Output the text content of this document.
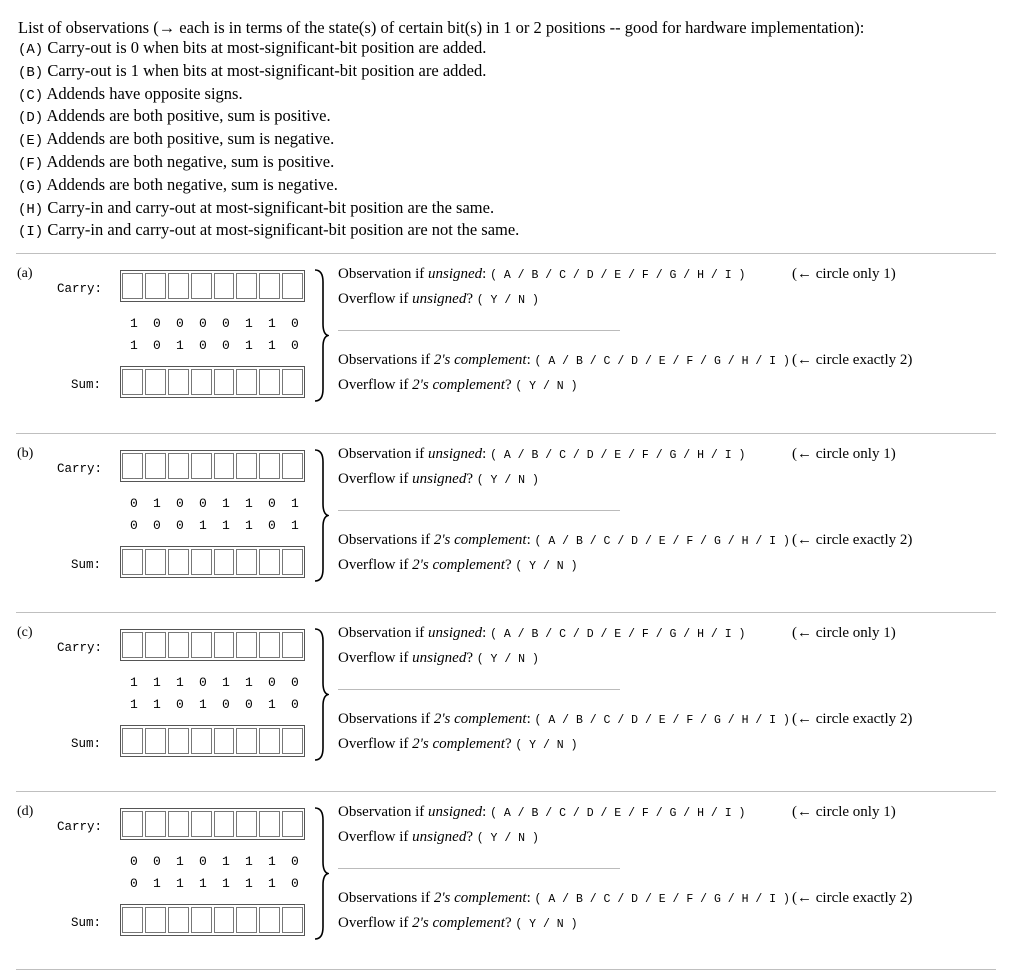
List of observations (→ each is in terms of the state(s) of certain bit(s) in 1 or 2 positions -- good for hardware implementation):
(A) Carry-out is 0 when bits at most-significant-bit position are added.
(B) Carry-out is 1 when bits at most-significant-bit position are added.
(C) Addends have opposite signs.
(D) Addends are both positive, sum is positive.
(E) Addends are both positive, sum is negative.
(F) Addends are both negative, sum is positive.
(G) Addends are both negative, sum is negative.
(H) Carry-in and carry-out at most-significant-bit position are the same.
(I) Carry-in and carry-out at most-significant-bit position are not the same.
(a)
Carry:
Sum:
1	0	0	0	0	1	1	0
1	0	1	0	0	1	1	0
Observation if unsigned: ( A / B / C / D / E / F / G / H / I )
Overflow if unsigned? ( Y / N )
Observations if 2's complement: ( A / B / C / D / E / F / G / H / I )
Overflow if 2's complement? ( Y / N )
(← circle only 1)
(← circle exactly 2)
(b)
Carry:
Sum:
0	1	0	0	1	1	0	1
0	0	0	1	1	1	0	1
Observation if unsigned: ( A / B / C / D / E / F / G / H / I )
Overflow if unsigned? ( Y / N )
Observations if 2's complement: ( A / B / C / D / E / F / G / H / I )
Overflow if 2's complement? ( Y / N )
(← circle only 1)
(← circle exactly 2)
(c)
Carry:
Sum:
1	1	1	0	1	1	0	0
1	1	0	1	0	0	1	0
Observation if unsigned: ( A / B / C / D / E / F / G / H / I )
Overflow if unsigned? ( Y / N )
Observations if 2's complement: ( A / B / C / D / E / F / G / H / I )
Overflow if 2's complement? ( Y / N )
(← circle only 1)
(← circle exactly 2)
(d)
Carry:
Sum:
0	0	1	0	1	1	1	0
0	1	1	1	1	1	1	0
Observation if unsigned: ( A / B / C / D / E / F / G / H / I )
Overflow if unsigned? ( Y / N )
Observations if 2's complement: ( A / B / C / D / E / F / G / H / I )
Overflow if 2's complement? ( Y / N )
(← circle only 1)
(← circle exactly 2)
